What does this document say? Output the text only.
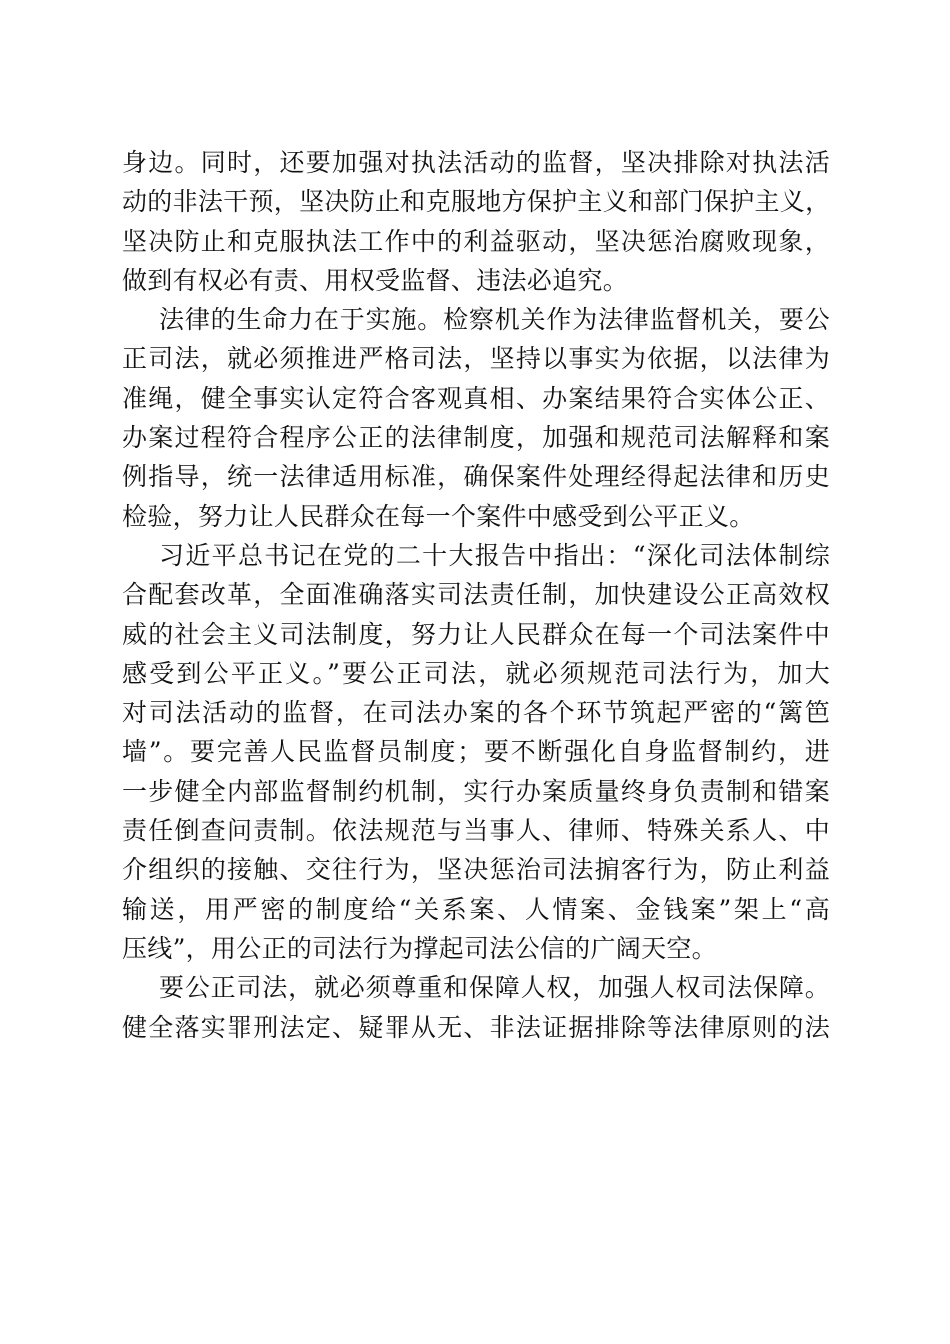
身边。同时，还要加强对执法活动的监督，坚决排除对执法活
动的非法干预，坚决防止和克服地方保护主义和部门保护主义，
坚决防止和克服执法工作中的利益驱动，坚决惩治腐败现象，
做到有权必有责、用权受监督、违法必追究。
法律的生命力在于实施。检察机关作为法律监督机关，要公
正司法，就必须推进严格司法，坚持以事实为依据，以法律为
准绳，健全事实认定符合客观真相、办案结果符合实体公正、
办案过程符合程序公正的法律制度，加强和规范司法解释和案
例指导，统一法律适用标准，确保案件处理经得起法律和历史
检验，努力让人民群众在每一个案件中感受到公平正义。
习近平总书记在党的二十大报告中指出：“深化司法体制综
合配套改革，全面准确落实司法责任制，加快建设公正高效权
威的社会主义司法制度，努力让人民群众在每一个司法案件中
感受到公平正义。”要公正司法，就必须规范司法行为，加大
对司法活动的监督，在司法办案的各个环节筑起严密的“篱笆
墙”。要完善人民监督员制度；要不断强化自身监督制约，进
一步健全内部监督制约机制，实行办案质量终身负责制和错案
责任倒查问责制。依法规范与当事人、律师、特殊关系人、中
介组织的接触、交往行为，坚决惩治司法掮客行为，防止利益
输送，用严密的制度给“关系案、人情案、金钱案”架上“高
压线”，用公正的司法行为撑起司法公信的广阔天空。
要公正司法，就必须尊重和保障人权，加强人权司法保障。
健全落实罪刑法定、疑罪从无、非法证据排除等法律原则的法
